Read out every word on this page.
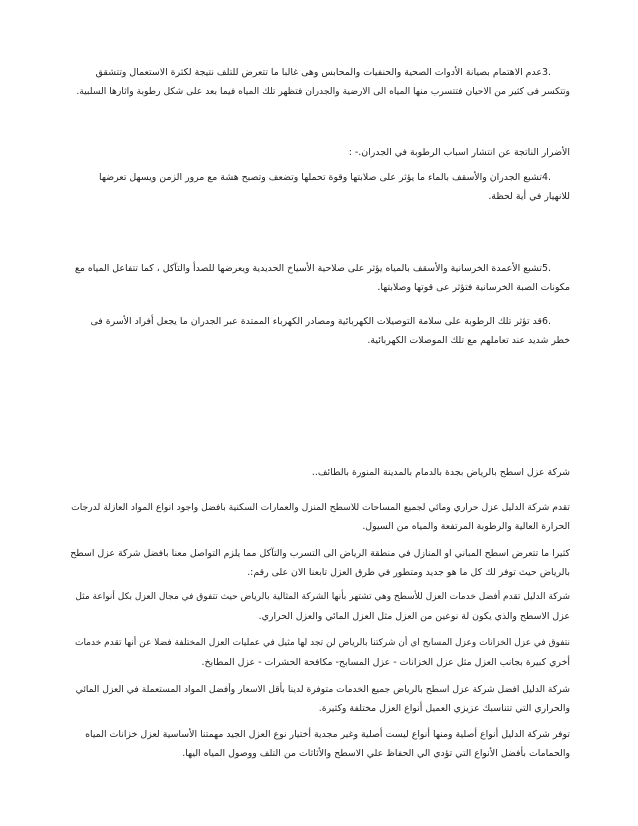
3.عدم الاهتمام بصيانة الأدوات الصحية والحنفيات والمحابس وهى غالبا ما تتعرض للتلف نتيجة لكثرة الاستعمال وتتشقق
وتتكسر فى كثير من الاحيان فتتسرب منها المياه الى الارضية والجدران فتظهر تلك المياه فيما بعد على شكل رطوبة واثارها السلبية.

الأضرار الناتجة عن انتشار اسباب الرطوبة في الجدران.- :

4.تشبع الجدران والأسقف بالماء ما يؤثر على صلابتها وقوة تحملها وتضعف وتصبح هشة مع مرور الزمن ويسهل تعرضها
للانهيار في أية لحظة.

5.تشبع الأعمدة الخرسانية والأسقف بالمياه يؤثر على صلاحية الأسياخ الحديدية ويعرضها للصدأ والتآكل ، كما تتفاعل المياه مع
مكونات الصبة الخرسانية فتؤثر عى قوتها وصلابتها.

6.قد تؤثر تلك الرطوبة على سلامة التوصيلات الكهربائية ومصادر الكهرباء الممتدة عبر الجدران ما يجعل أفراد الأسرة فى
خطر شديد عند تعاملهم مع تلك الموصلات الكهربائية.

شركة عزل اسطح بالرياض بجدة بالدمام بالمدينة المنورة بالطائف..

تقدم شركة الدليل عزل حراري ومائي لجميع المساحات للاسطح المنزل والعمارات السكنية بافضل واجود انواع المواد العازلة لدرجات
الحرارة العالية والرطوبة المرتفعة والمياه من السيول.

كثيرا ما تتعرض اسطح المباني او المنازل في منطقة الرياض الى التسرب والتآكل مما يلزم التواصل معنا بافضل شركة عزل اسطح
بالرياض حيث توفر لك كل ما هو جديد ومتطور في طرق العزل تابعنا الان على رقم:.

شركة الدليل تقدم أفضل خدمات العزل للأسطح وهي تشتهر بأنها الشركة المثالية بالرياض حيث تتفوق في مجال العزل بكل أنواعة مثل
عزل الاسطح والذي يكون لة نوعين من العزل مثل العزل المائي والعزل الحراري.

نتفوق في عزل الخزانات وعزل المسابح اي أن شركتنا بالرياض لن تجد لها مثيل في عمليات العزل المختلفة فضلا عن أنها تقدم خدمات
أخري كبيرة بجانب العزل مثل عزل الخزانات - عزل المسابح- مكافحة الحشرات - عزل المطابخ.

شركة الدليل افضل شركة عزل اسطح بالرياض جميع الخدمات متوفرة لدينا بأقل الاسعار وأفضل المواد المستعملة في العزل المائي
والحراري التي تتناسبك عزيزي العميل أنواع العزل مختلفة وكثيرة.

توفر شركة الدليل أنواع أصلية ومنها أنواع ليست أصلية وغير مجدية أختيار نوع العزل الجيد مهمتنا الأساسية لعزل خزانات المياه
والحمامات بأفضل الأنواع التي تؤدي الي الحفاظ علي الاسطح والأثاثات من التلف ووصول المياه اليها.
